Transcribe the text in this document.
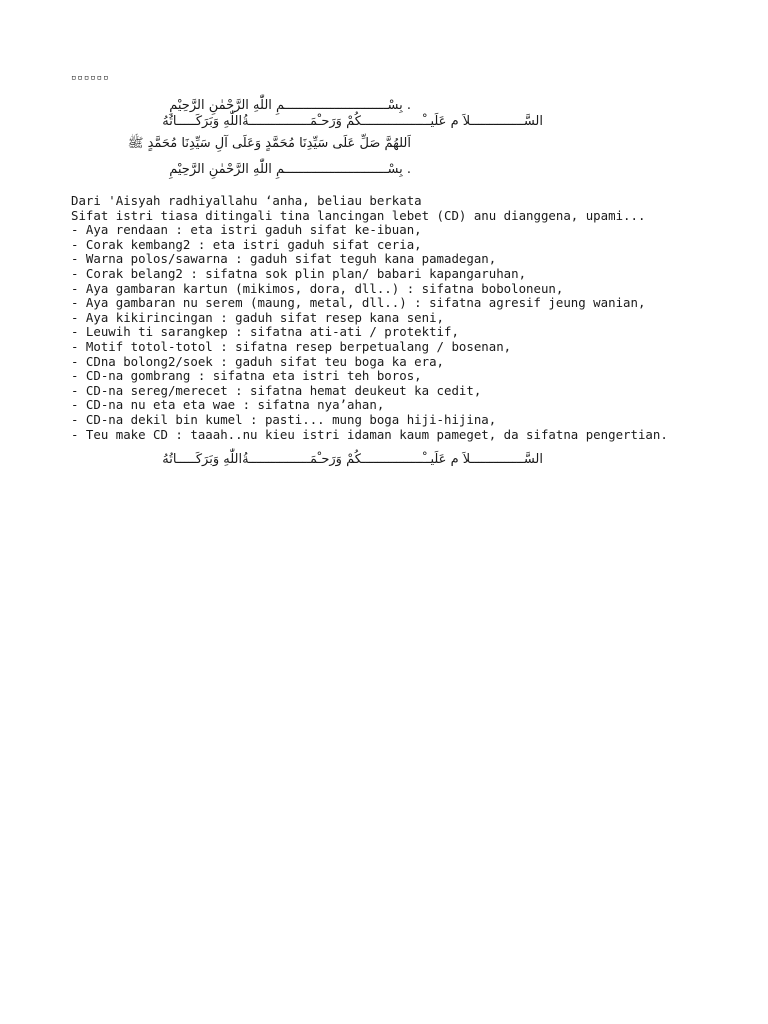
▫▫▫▫▫▫
. بِسْـــــــــــــــــــــــــــمِ اللّٰهِ الرَّحْمٰنِ الرَّحِيْمِ
السَّــــــــــــــلاَ م عَلَيــْــــــــــــــــكُمْ وَرَحـْمَــــــــــــــــةُاللّٰهِ وَبَرَكَـــــاتُهُ
اَللهُمَّ صَلِّ عَلَى سَيِّدِنَا مُحَمَّدٍ وَعَلَى آلِ سَيِّدِنَا مُحَمَّدٍ ﷺ
. بِسْـــــــــــــــــــــــــــمِ اللّٰهِ الرَّحْمٰنِ الرَّحِيْمِ

Dari 'Aisyah radhiyallahu ‘anha, beliau berkata

Sifat istri tiasa ditingali tina lancingan lebet (CD) anu dianggena, upami...

- Aya rendaan : eta istri gaduh sifat ke-ibuan,

- Corak kembang2 : eta istri gaduh sifat ceria,

- Warna polos/sawarna : gaduh sifat teguh kana pamadegan,

- Corak belang2 : sifatna sok plin plan/ babari kapangaruhan,

- Aya gambaran kartun (mikimos, dora, dll..) : sifatna boboloneun,

- Aya gambaran nu serem (maung, metal, dll..) : sifatna agresif jeung wanian,

- Aya kikirincingan : gaduh sifat resep kana seni,

- Leuwih ti sarangkep : sifatna ati-ati / protektif,

- Motif totol-totol : sifatna resep berpetualang / bosenan,

- CDna bolong2/soek : gaduh sifat teu boga ka era,

- CD-na gombrang : sifatna eta istri teh boros,

- CD-na sereg/merecet : sifatna hemat deukeut ka cedit,

- CD-na nu eta eta wae : sifatna nya’ahan,

- CD-na dekil bin kumel : pasti... mung boga hiji-hijina,

- Teu make CD : taaah..nu kieu istri idaman kaum pameget, da sifatna pengertian.

السَّــــــــــــــلاَ م عَلَيــْــــــــــــــــكُمْ وَرَحـْمَــــــــــــــــةُاللّٰهِ وَبَرَكَـــــاتُهُ
